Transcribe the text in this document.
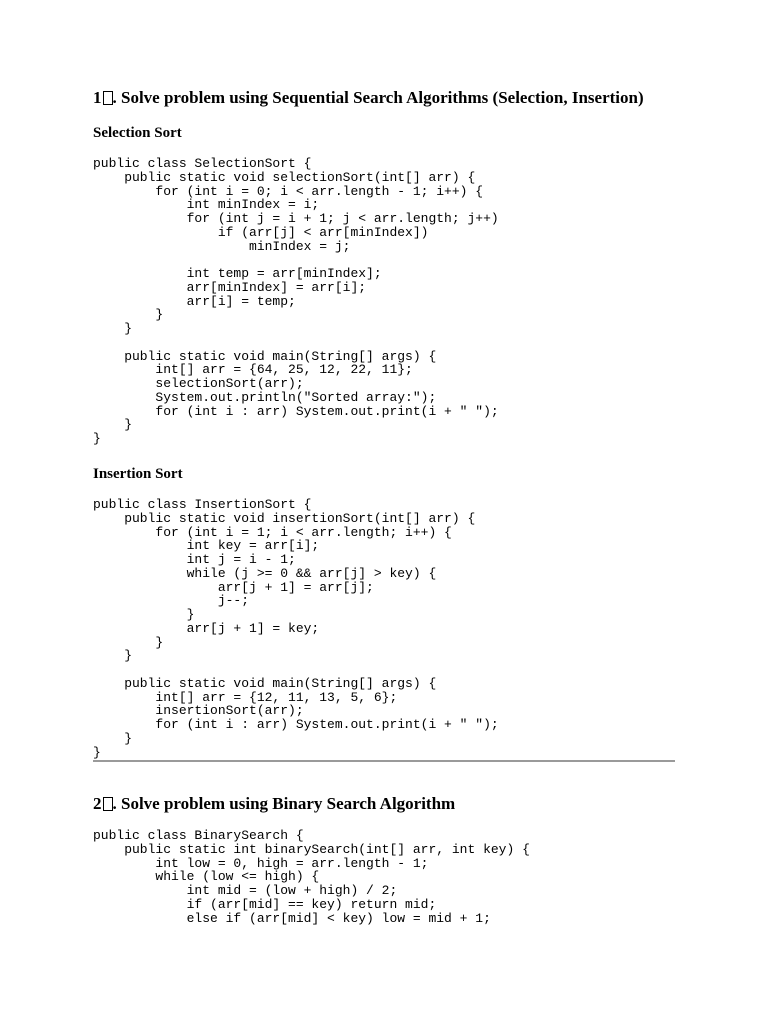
1 . Solve problem using Sequential Search Algorithms (Selection, Insertion)
Selection Sort
public class SelectionSort {
public static void selectionSort(int[] arr) {
for (int i = 0; i < arr.length - 1; i++) {
int minIndex = i;
for (int j = i + 1; j < arr.length; j++)
if (arr[j] < arr[minIndex])
minIndex = j;

int temp = arr[minIndex];
arr[minIndex] = arr[i];
arr[i] = temp;
}
}

public static void main(String[] args) {
int[] arr = {64, 25, 12, 22, 11};
selectionSort(arr);
System.out.println("Sorted array:");
for (int i : arr) System.out.print(i + " ");
}
}
Insertion Sort
public class InsertionSort {
public static void insertionSort(int[] arr) {
for (int i = 1; i < arr.length; i++) {
int key = arr[i];
int j = i - 1;
while (j >= 0 && arr[j] > key) {
arr[j + 1] = arr[j];
j--;
}
arr[j + 1] = key;
}
}

public static void main(String[] args) {
int[] arr = {12, 11, 13, 5, 6};
insertionSort(arr);
for (int i : arr) System.out.print(i + " ");
}
}
2 . Solve problem using Binary Search Algorithm
public class BinarySearch {
public static int binarySearch(int[] arr, int key) {
int low = 0, high = arr.length - 1;
while (low <= high) {
int mid = (low + high) / 2;
if (arr[mid] == key) return mid;
else if (arr[mid] < key) low = mid + 1;
